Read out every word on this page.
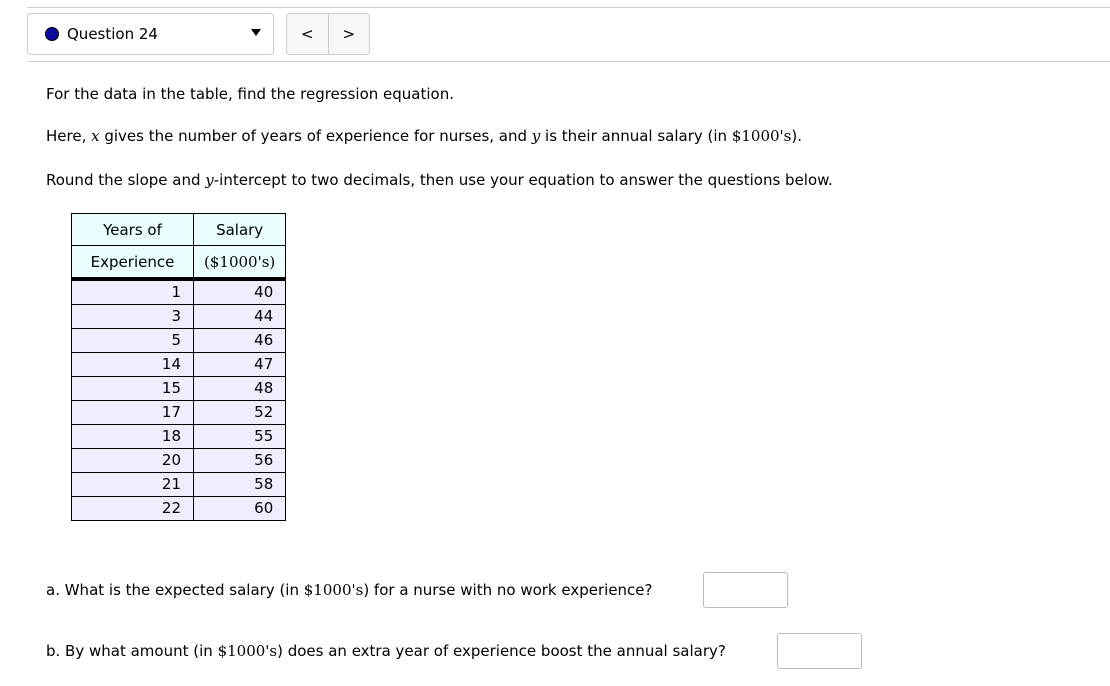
Question 24	<	>

For the data in the table, find the regression equation.

Here, x gives the number of years of experience for nurses, and y is their annual salary (in $1000's).

Round the slope and y-intercept to two decimals, then use your equation to answer the questions below.

Years of	Salary
Experience	($1000's)
1	40
3	44
5	46
14	47
15	48
17	52
18	55
20	56
21	58
22	60

a. What is the expected salary (in $1000's) for a nurse with no work experience?

b. By what amount (in $1000's) does an extra year of experience boost the annual salary?
